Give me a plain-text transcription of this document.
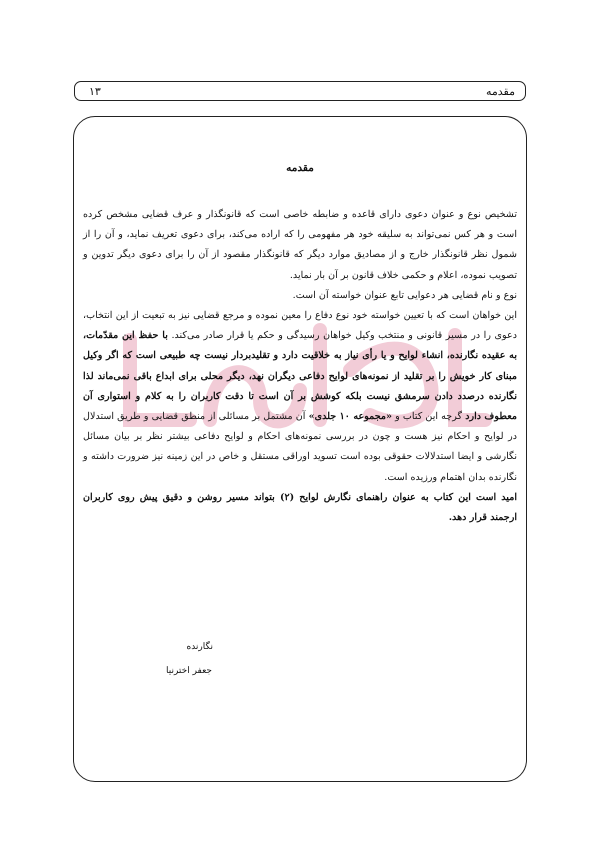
مقدمه
۱۳
مقدمه

تشخیص نوع و عنوان دعوی دارای قاعده و ضابطه خاصی است که قانونگذار و عرف قضایی مشخص کرده است و هر کس نمی‌تواند به سلیقه خود هر مفهومی را که اراده می‌کند، برای دعوی تعریف نماید، و آن را از شمول نظر قانونگذار خارج و از مصادیق موارد دیگر که قانونگذار مقصود از آن را برای دعوی دیگر تدوین و تصویب نموده، اعلام و حکمی خلاف قانون بر آن بار نماید.

نوع و نام قضایی هر دعوایی تابع عنوان خواسته آن است.

این خواهان است که با تعیین خواسته خود نوع دفاع را معین نموده و مرجع قضایی نیز به تبعیت از این انتخاب، دعوی را در مسیر قانونی و منتخب وکیل خواهان رسیدگی و حکم یا قرار صادر می‌کند. با حفظ این مقدّمات، به عقیده نگارنده، انشاء لوایح و یا رأی نیاز به خلاقیت دارد و تقلیدبردار نیست چه طبیعی است که اگر وکیل مبنای کار خویش را بر تقلید از نمونه‌های لوایح دفاعی دیگران نهد، دیگر محلی برای ابداع باقی نمی‌ماند لذا نگارنده درصدد دادن سرمشق نیست بلکه کوشش بر آن است تا دقت کاربران را به کلام و استواری آن معطوف دارد گرچه این کتاب و «مجموعه ۱۰ جلدی» آن مشتمل بر مسائلی از منطق قضایی و طریق استدلال در لوایح و احکام نیز هست و چون در بررسی نمونه‌های احکام و لوایح دفاعی بیشتر نظر بر بیان مسائل نگارشی و ایضا استدلالات حقوقی بوده است تسوید اوراقی مستقل و خاص در این زمینه نیز ضرورت داشته و نگارنده بدان اهتمام ورزیده است.

امید است این کتاب به عنوان راهنمای نگارش لوایح (۲) بتواند مسیر روشن و دقیق پیش روی کاربران ارجمند قرار دهد.

نگارنده
جعفر اخترنیا
